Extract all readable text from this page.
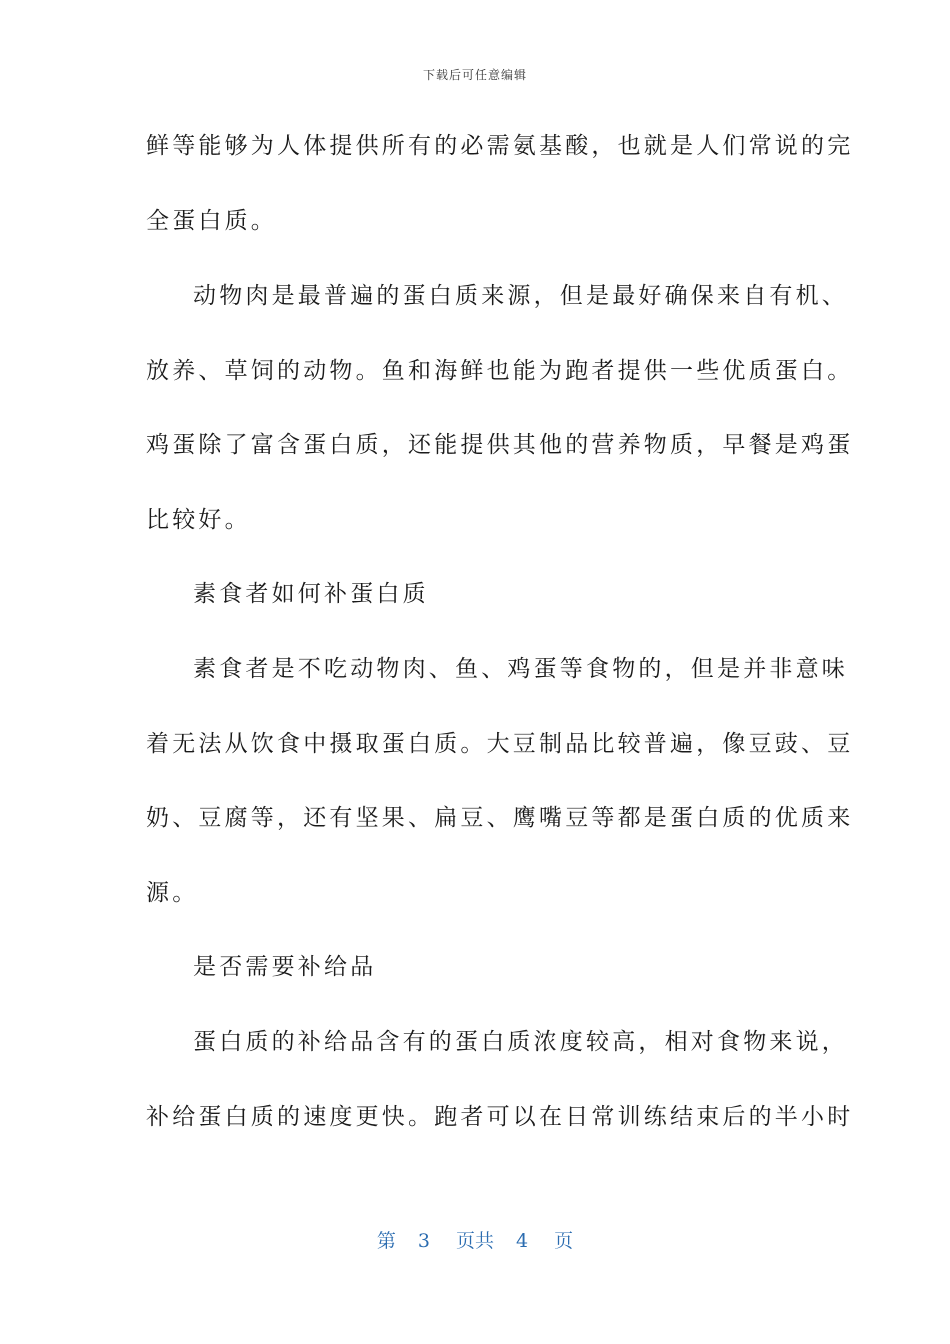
下载后可任意编辑
鲜等能够为人体提供所有的必需氨基酸，也就是人们常说的完
全蛋白质。
动物肉是最普遍的蛋白质来源，但是最好确保来自有机、
放养、草饲的动物。鱼和海鲜也能为跑者提供一些优质蛋白。
鸡蛋除了富含蛋白质，还能提供其他的营养物质，早餐是鸡蛋
比较好。
素食者如何补蛋白质
素食者是不吃动物肉、鱼、鸡蛋等食物的，但是并非意味
着无法从饮食中摄取蛋白质。大豆制品比较普遍，像豆豉、豆
奶、豆腐等，还有坚果、扁豆、鹰嘴豆等都是蛋白质的优质来
源。
是否需要补给品
蛋白质的补给品含有的蛋白质浓度较高，相对食物来说，
补给蛋白质的速度更快。跑者可以在日常训练结束后的半小时
第 3 页共 4 页
